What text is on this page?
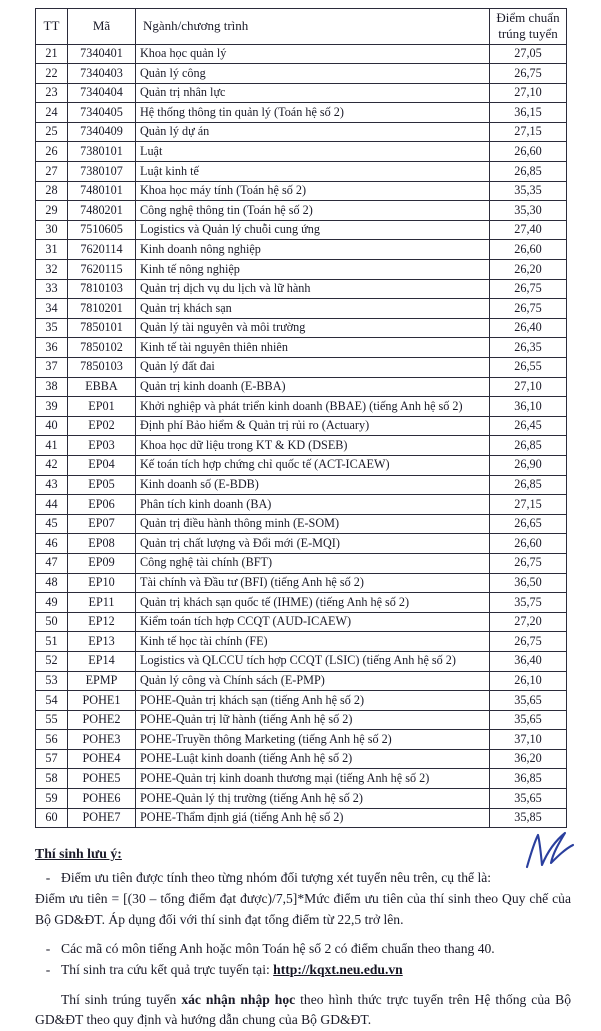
TT	Mã	Ngành/chương trình	Điểm chuẩn trúng tuyển
21	7340401	Khoa học quản lý	27,05
22	7340403	Quản lý công	26,75
23	7340404	Quản trị nhân lực	27,10
24	7340405	Hệ thống thông tin quản lý (Toán hệ số 2)	36,15
25	7340409	Quản lý dự án	27,15
26	7380101	Luật	26,60
27	7380107	Luật kinh tế	26,85
28	7480101	Khoa học máy tính (Toán hệ số 2)	35,35
29	7480201	Công nghệ thông tin (Toán hệ số 2)	35,30
30	7510605	Logistics và Quản lý chuỗi cung ứng	27,40
31	7620114	Kinh doanh nông nghiệp	26,60
32	7620115	Kinh tế nông nghiệp	26,20
33	7810103	Quản trị dịch vụ du lịch và lữ hành	26,75
34	7810201	Quản trị khách sạn	26,75
35	7850101	Quản lý tài nguyên và môi trường	26,40
36	7850102	Kinh tế tài nguyên thiên nhiên	26,35
37	7850103	Quản lý đất đai	26,55
38	EBBA	Quản trị kinh doanh (E-BBA)	27,10
39	EP01	Khởi nghiệp và phát triển kinh doanh (BBAE) (tiếng Anh hệ số 2)	36,10
40	EP02	Định phí Bảo hiểm & Quản trị rủi ro (Actuary)	26,45
41	EP03	Khoa học dữ liệu trong KT & KD (DSEB)	26,85
42	EP04	Kế toán tích hợp chứng chỉ quốc tế (ACT-ICAEW)	26,90
43	EP05	Kinh doanh số (E-BDB)	26,85
44	EP06	Phân tích kinh doanh (BA)	27,15
45	EP07	Quản trị điều hành thông minh (E-SOM)	26,65
46	EP08	Quản trị chất lượng và Đổi mới (E-MQI)	26,60
47	EP09	Công nghệ tài chính (BFT)	26,75
48	EP10	Tài chính và Đầu tư (BFI) (tiếng Anh hệ số 2)	36,50
49	EP11	Quản trị khách sạn quốc tế (IHME) (tiếng Anh hệ số 2)	35,75
50	EP12	Kiểm toán tích hợp CCQT (AUD-ICAEW)	27,20
51	EP13	Kinh tế học tài chính (FE)	26,75
52	EP14	Logistics và QLCCU tích hợp CCQT (LSIC) (tiếng Anh hệ số 2)	36,40
53	EPMP	Quản lý công và Chính sách (E-PMP)	26,10
54	POHE1	POHE-Quản trị khách sạn (tiếng Anh hệ số 2)	35,65
55	POHE2	POHE-Quản trị lữ hành (tiếng Anh hệ số 2)	35,65
56	POHE3	POHE-Truyền thông Marketing (tiếng Anh hệ số 2)	37,10
57	POHE4	POHE-Luật kinh doanh (tiếng Anh hệ số 2)	36,20
58	POHE5	POHE-Quản trị kinh doanh thương mại (tiếng Anh hệ số 2)	36,85
59	POHE6	POHE-Quản lý thị trường (tiếng Anh hệ số 2)	35,65
60	POHE7	POHE-Thẩm định giá (tiếng Anh hệ số 2)	35,85
Thí sinh lưu ý:
- Điểm ưu tiên được tính theo từng nhóm đối tượng xét tuyển nêu trên, cụ thể là:
Điểm ưu tiên = [(30 – tổng điểm đạt được)/7,5]*Mức điểm ưu tiên của thí sinh theo Quy chế của Bộ GD&ĐT. Áp dụng đối với thí sinh đạt tổng điểm từ 22,5 trở lên.
- Các mã có môn tiếng Anh hoặc môn Toán hệ số 2 có điểm chuẩn theo thang 40.
- Thí sinh tra cứu kết quả trực tuyến tại: http://kqxt.neu.edu.vn
Thí sinh trúng tuyển xác nhận nhập học theo hình thức trực tuyến trên Hệ thống của Bộ GD&ĐT theo quy định và hướng dẫn chung của Bộ GD&ĐT.
